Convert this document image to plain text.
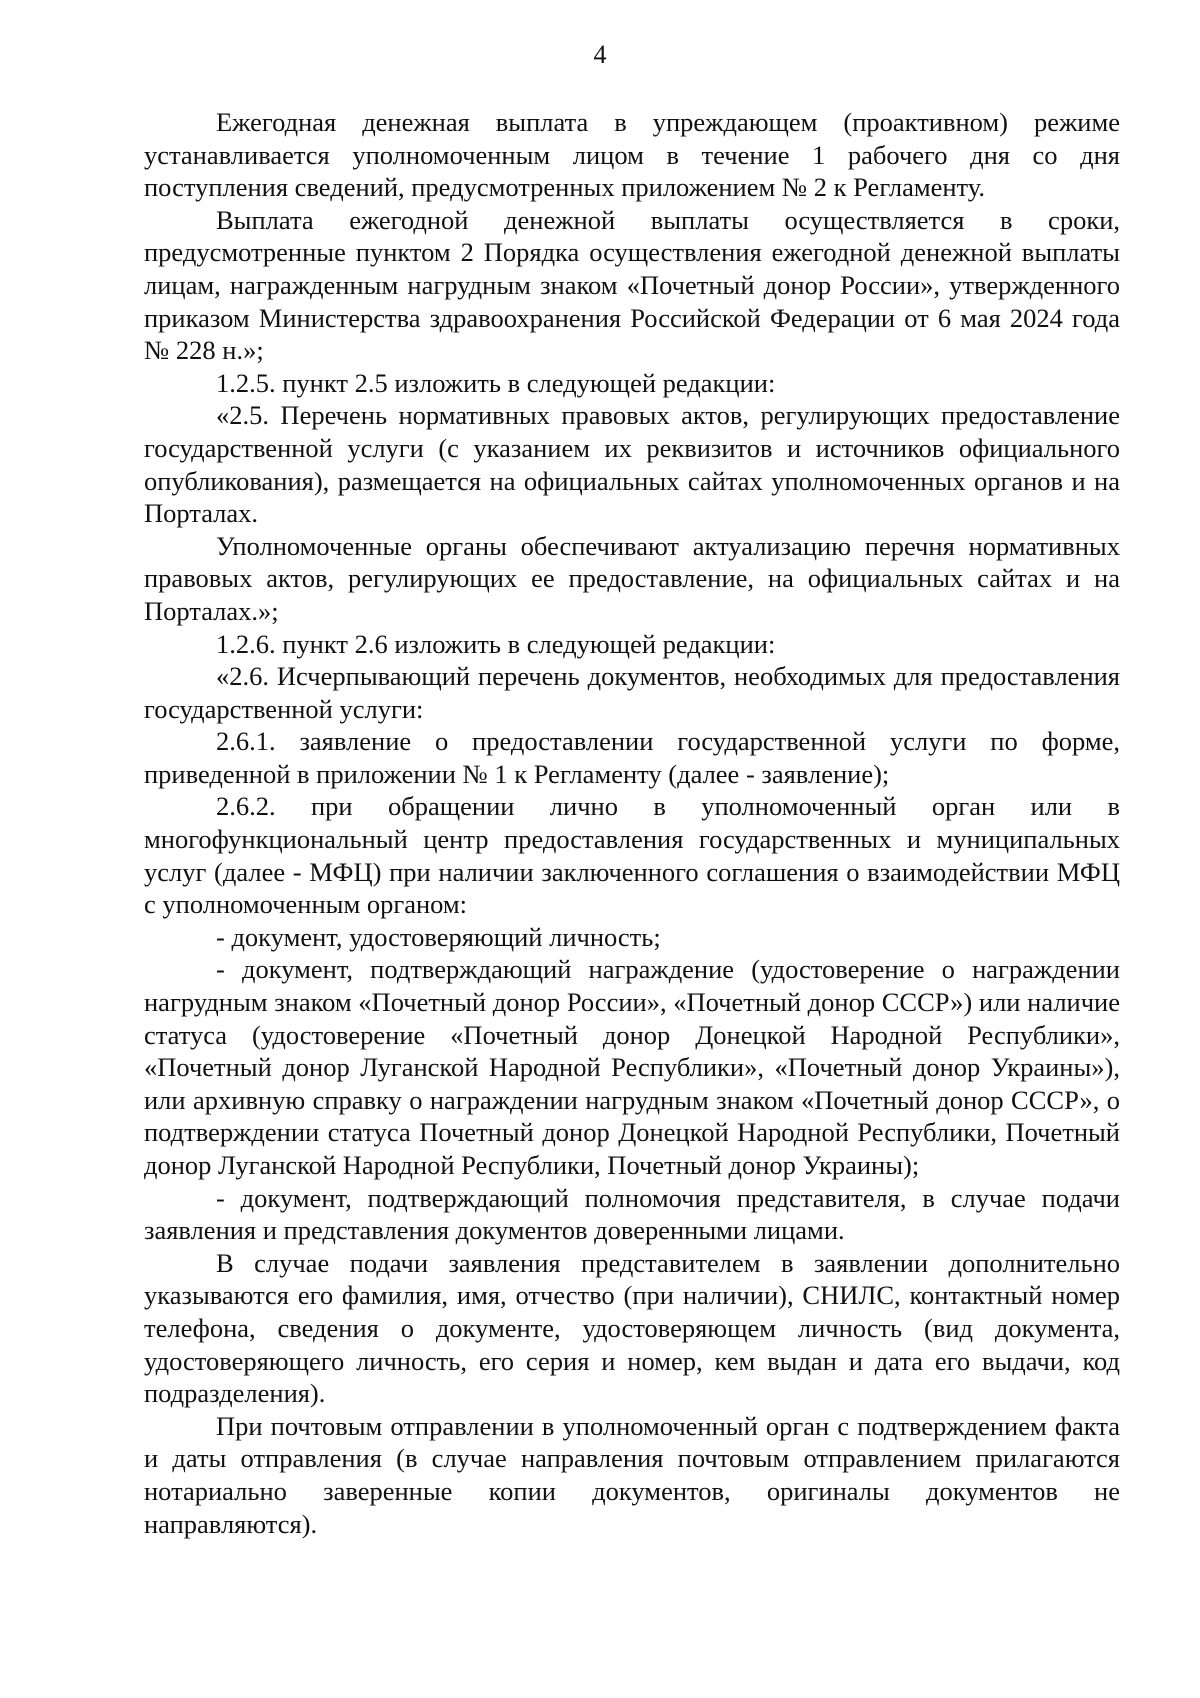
4

Ежегодная денежная выплата в упреждающем (проактивном) режиме устанавливается уполномоченным лицом в течение 1 рабочего дня со дня поступления сведений, предусмотренных приложением № 2 к Регламенту.

Выплата ежегодной денежной выплаты осуществляется в сроки, предусмотренные пунктом 2 Порядка осуществления ежегодной денежной выплаты лицам, награжденным нагрудным знаком «Почетный донор России», утвержденного приказом Министерства здравоохранения Российской Федерации от 6 мая 2024 года № 228 н.»;

1.2.5. пункт 2.5 изложить в следующей редакции:

«2.5. Перечень нормативных правовых актов, регулирующих предоставление государственной услуги (с указанием их реквизитов и источников официального опубликования), размещается на официальных сайтах уполномоченных органов и на Порталах.

Уполномоченные органы обеспечивают актуализацию перечня нормативных правовых актов, регулирующих ее предоставление, на официальных сайтах и на Порталах.»;

1.2.6. пункт 2.6 изложить в следующей редакции:

«2.6. Исчерпывающий перечень документов, необходимых для предоставления государственной услуги:

2.6.1. заявление о предоставлении государственной услуги по форме, приведенной в приложении № 1 к Регламенту (далее - заявление);

2.6.2. при обращении лично в уполномоченный орган или в многофункциональный центр предоставления государственных и муниципальных услуг (далее - МФЦ) при наличии заключенного соглашения о взаимодействии МФЦ с уполномоченным органом:

- документ, удостоверяющий личность;

- документ, подтверждающий награждение (удостоверение о награждении нагрудным знаком «Почетный донор России», «Почетный донор СССР») или наличие статуса (удостоверение «Почетный донор Донецкой Народной Республики», «Почетный донор Луганской Народной Республики», «Почетный донор Украины»), или архивную справку о награждении нагрудным знаком «Почетный донор СССР», о подтверждении статуса Почетный донор Донецкой Народной Республики, Почетный донор Луганской Народной Республики, Почетный донор Украины);

- документ, подтверждающий полномочия представителя, в случае подачи заявления и представления документов доверенными лицами.

В случае подачи заявления представителем в заявлении дополнительно указываются его фамилия, имя, отчество (при наличии), СНИЛС, контактный номер телефона, сведения о документе, удостоверяющем личность (вид документа, удостоверяющего личность, его серия и номер, кем выдан и дата его выдачи, код подразделения).

При почтовым отправлении в уполномоченный орган с подтверждением факта и даты отправления (в случае направления почтовым отправлением прилагаются нотариально заверенные копии документов, оригиналы документов не направляются).
